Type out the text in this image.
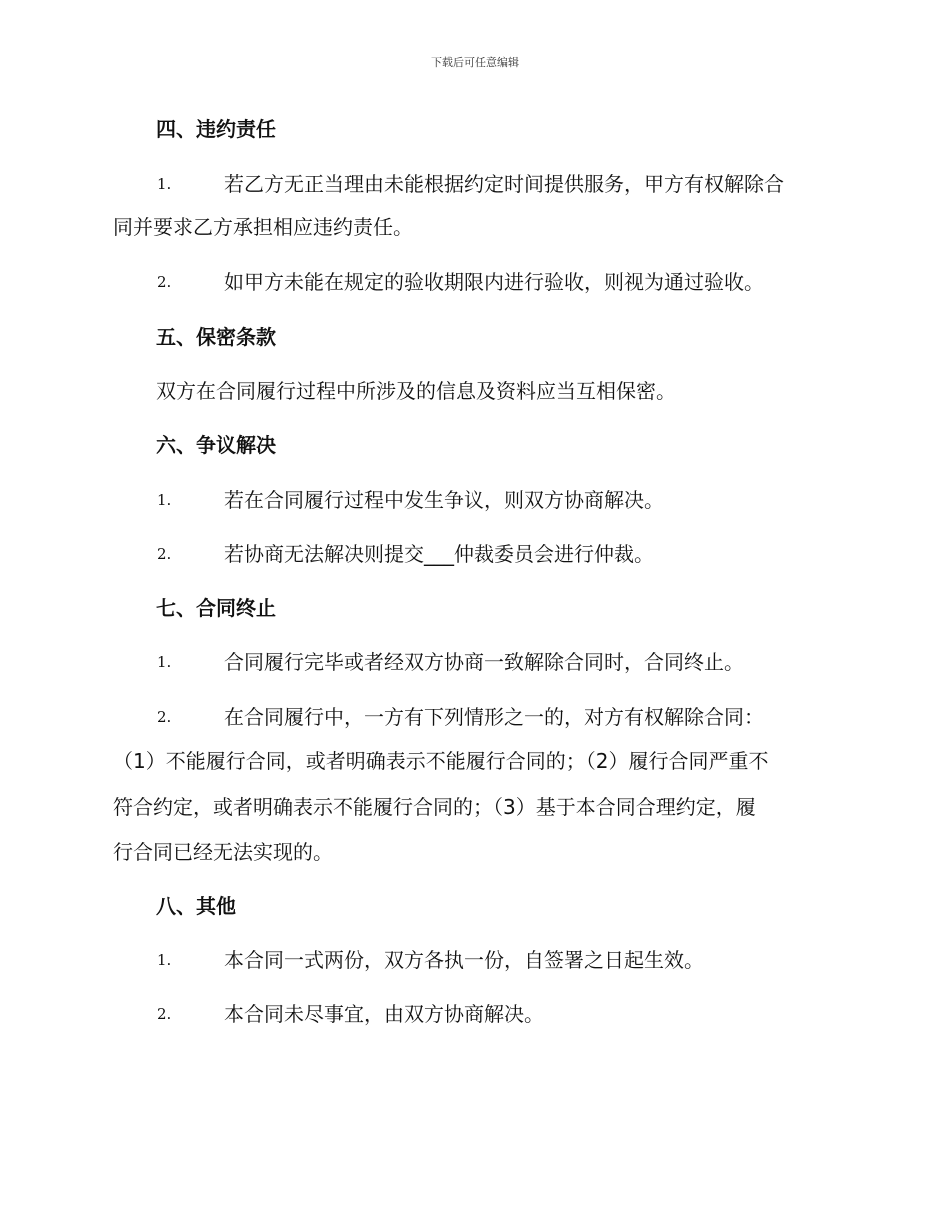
下载后可任意编辑
四、违约责任
1.	若乙方无正当理由未能根据约定时间提供服务，甲方有权解除合
同并要求乙方承担相应违约责任。
2.	如甲方未能在规定的验收期限内进行验收，则视为通过验收。
五、保密条款
双方在合同履行过程中所涉及的信息及资料应当互相保密。
六、争议解决
1.	若在合同履行过程中发生争议，则双方协商解决。
2.	若协商无法解决则提交___仲裁委员会进行仲裁。
七、合同终止
1.	合同履行完毕或者经双方协商一致解除合同时，合同终止。
2.	在合同履行中，一方有下列情形之一的，对方有权解除合同：
（1）不能履行合同，或者明确表示不能履行合同的；（2）履行合同严重不
符合约定，或者明确表示不能履行合同的；（3）基于本合同合理约定，履
行合同已经无法实现的。
八、其他
1.	本合同一式两份，双方各执一份，自签署之日起生效。
2.	本合同未尽事宜，由双方协商解决。
